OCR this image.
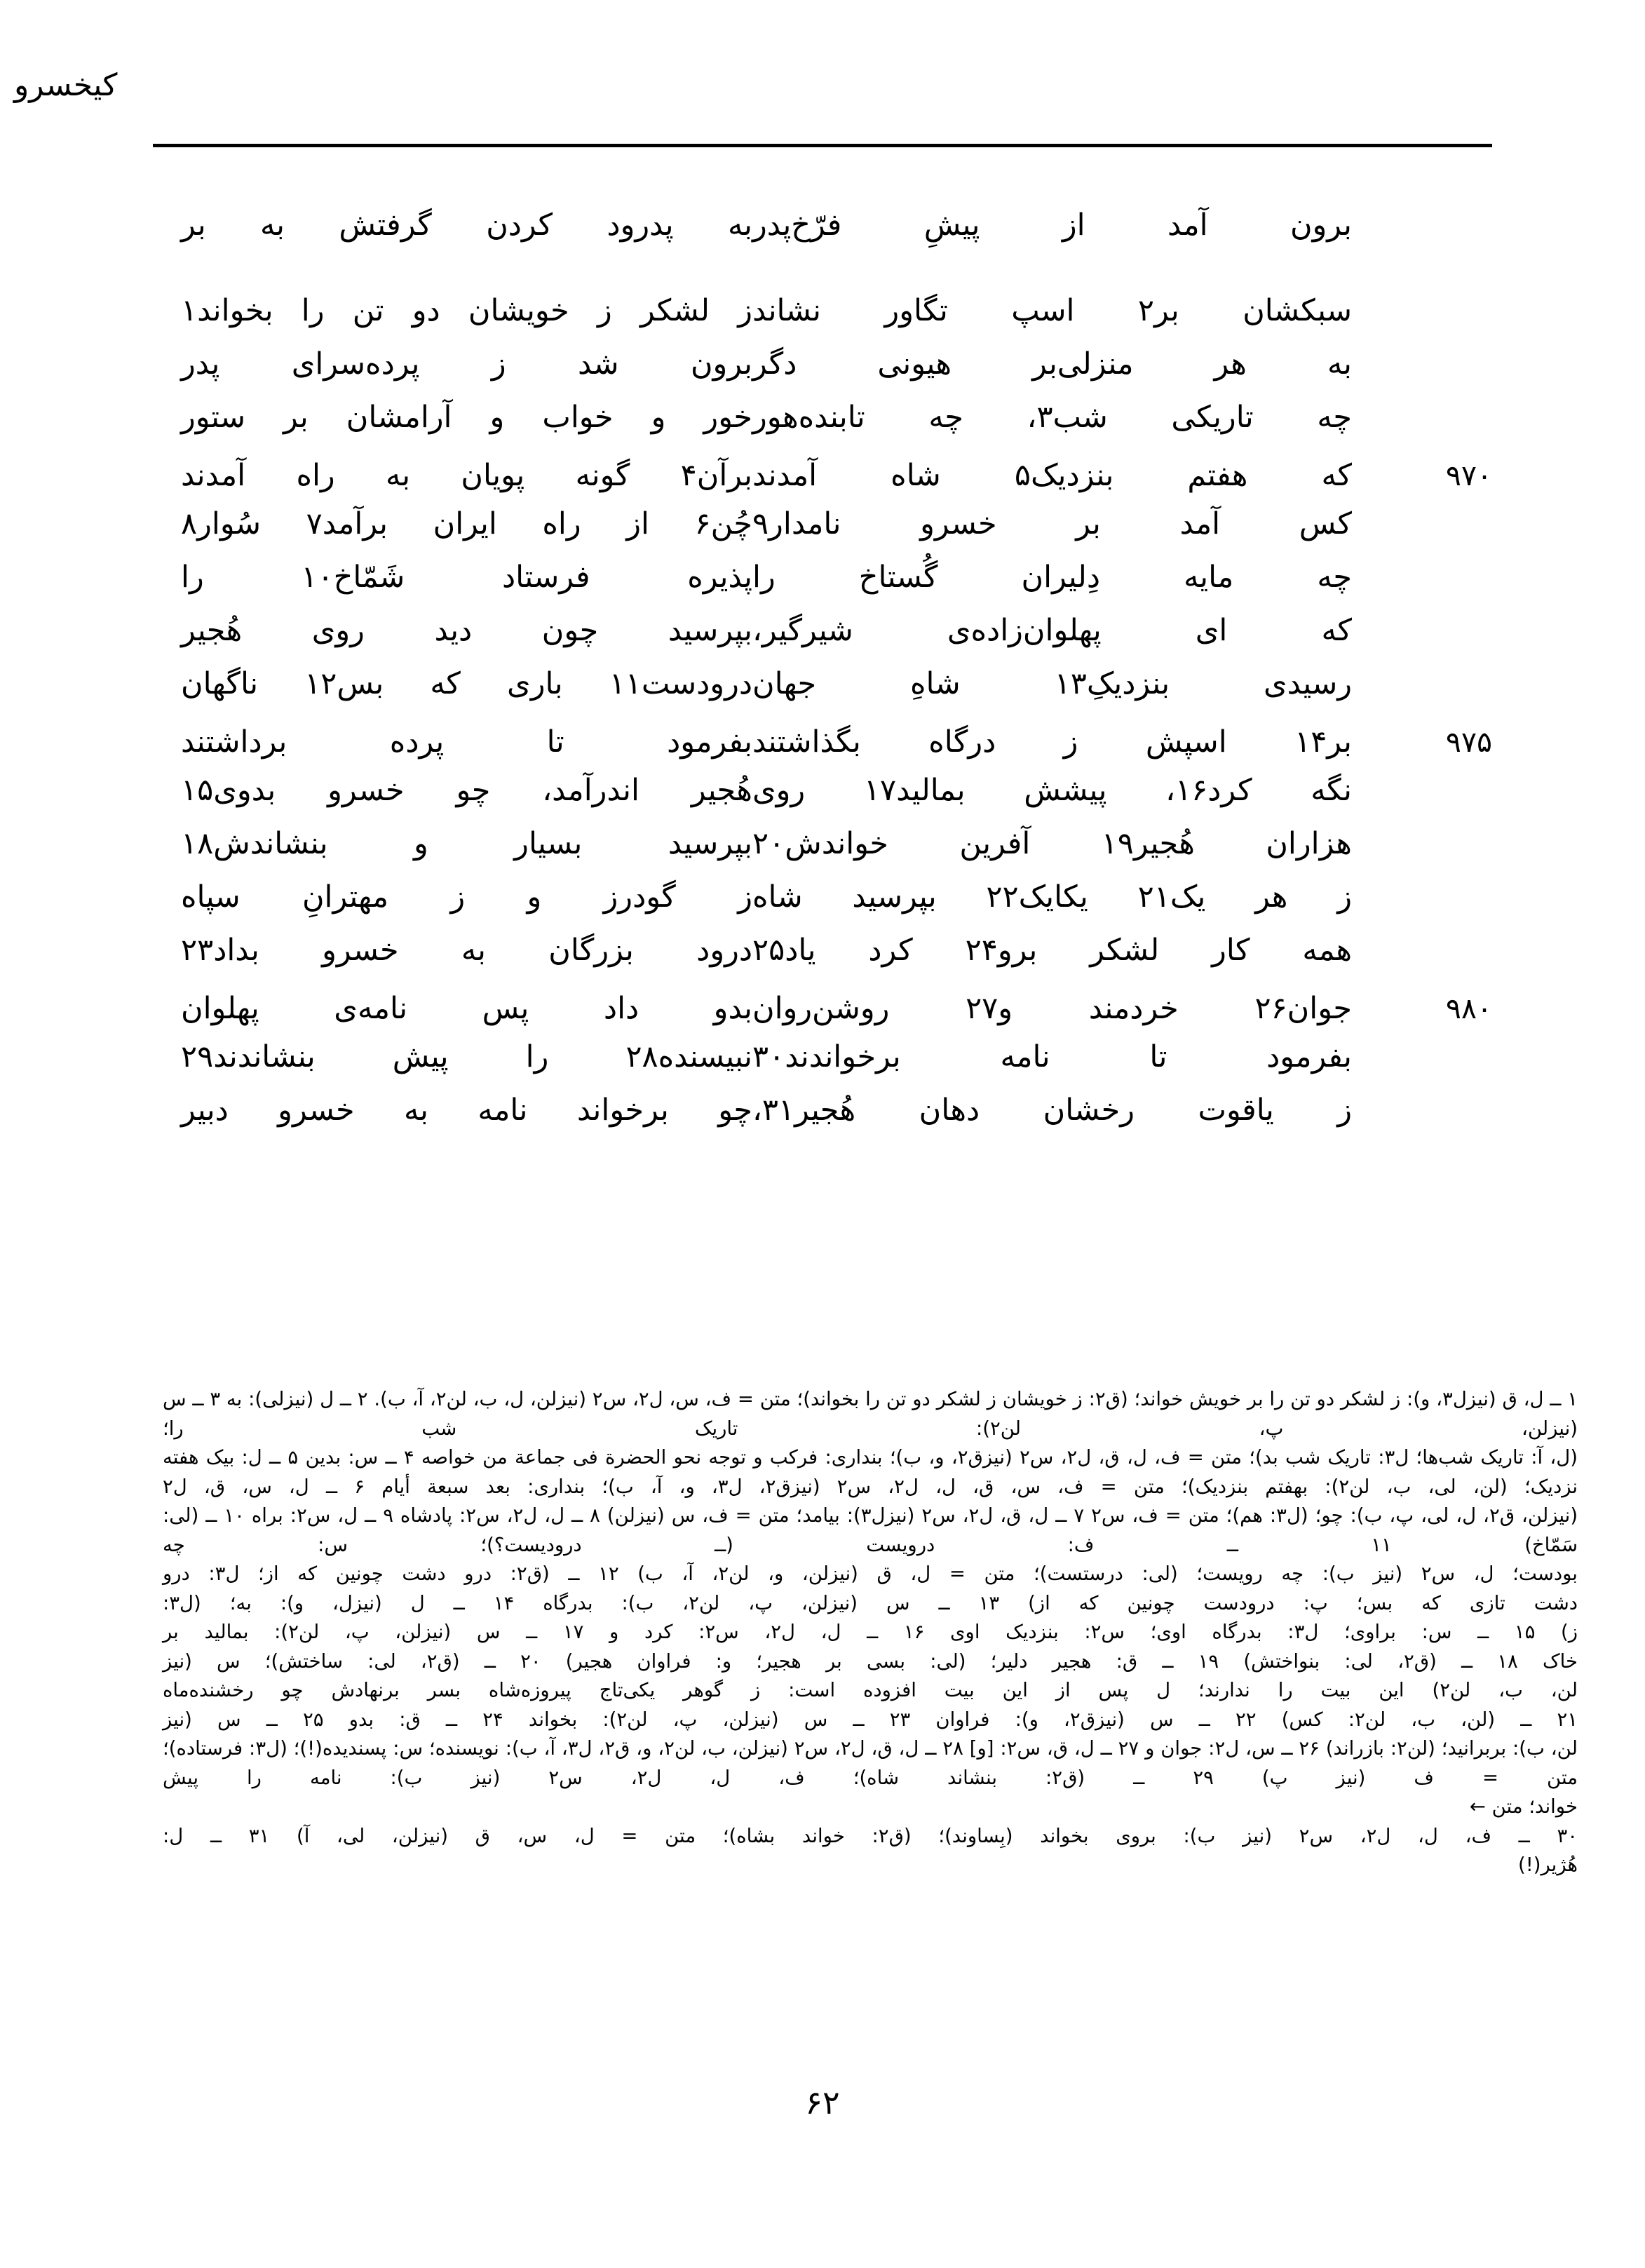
کیخسرو
برون آمد از پیشِ فرّخ‌پدر
به پدرود کردن گرفتش به بر
سبکشان بر٢ اسپ تگاور نشاند
ز لشکر ز خویشان دو تن را بخواند١
به هر منزلی‌بر هیونی دگر
برون شد ز پرده‌سرای پدر
چه تاریکی شب٣، چه تابنده‌هور
خور و خواب و آرامشان بر ستور
۹۷۰
که هفتم بنزدیک۵ شاه آمدند
برآن۴ گونه پویان به راه آمدند
کس آمد بر خسرو نامدار٩
چُن۶ از راه ایران برآمد٧ سُوار٨
چه مایه دِلیران گُستاخ را
پذیره فرستاد شَمّاخ١٠ را
که ای پهلوان‌زاده‌ی شیرگیر،
بپرسید چون دید روی هُجیر
رسیدی بنزدیکِ١٣ شاهِ جهان
درودست١١ باری که بس١٢ ناگهان
۹۷۵
بر١۴ اسپش ز درگاه بگذاشتند
بفرمود تا پرده برداشتند
نگه کرد١۶، پیشش بمالید١٧ روی
هُجیر اندرآمد، چو خسرو بدوی١۵
هزاران هُجیر١٩ آفرین خواندش٢٠
بپرسید بسیار و بنشاندش١٨
ز هر یک٢١ یکایک٢٢ بپرسید شاه
ز گودرز و ز مهترانِ سپاه
همه کار لشکر برو٢۴ کرد یاد٢۵
درود بزرگان به خسرو بداد٢٣
۹۸۰
جوان٢۶ خردمند و٢٧ روشن‌روان
بدو داد پس نامه‌ی پهلوان
بفرمود تا نامه برخواندند٣٠
نبیسنده٢٨ را پیش بنشاندند٢٩
ز یاقوت رخشان دهان هُجیر٣١،
چو برخواند نامه به خسرو دبیر

١ ــ ل، ق (نیزل٣، و): ز لشکر دو تن را بر خویش خواند؛ (ق٢: ز خویشان ز لشکر دو تن را بخواند)؛ متن = ف، س، ل٢، س٢ (نیزلن، ل، ب، لن٢، آ، ب). ٢ ــ ل (نیزلی): به ٣ ــ س (نیزلن، پ، لن٢): تاریک شب را؛

(ل، آ: تاریک شب‌ها؛ ل٣: تاریک شب بد)؛ متن = ف، ل، ق، ل٢، س٢ (نیزق٢، و، ب)؛ بنداری: فرکب و توجه نحو الحضرة فی جماعة من خواصه ۴ ــ س: بدین ۵ ــ ل: بیک هفته

نزدیک؛ (لن، لی، ب، لن٢): بهفتم بنزدیک)؛ متن = ف، س، ق، ل، ل٢، س٢ (نیزق٢، ل٣، و، آ، ب)؛ بنداری: بعد سبعة أیام ۶ ــ ل، س، ق، ل٢

(نیزلن، ق٢، ل، لی، پ، ب): چو؛ (ل٣: هم)؛ متن = ف، س٢ ٧ ــ ل، ق، ل٢، س٢ (نیزل٣): بیامد؛ متن = ف، س (نیزلن) ٨ ــ ل، ل٢، س٢: پادشاه ٩ ــ ل، س٢: براه ١٠ ــ (لی: سَمّاخ) ١١ ــ ف: درویست (ــ درودیست؟)؛ س: چه

بودست؛ ل، س٢ (نیز ب): چه رویست؛ (لی: درستست)؛ متن = ل، ق (نیزلن، و، لن٢، آ، ب) ١٢ ــ (ق٢: درو دشت چونین که از؛ ل٣: درو

دشت تازی که بس؛ پ: درودست چونین که از) ١٣ ــ س (نیزلن، پ، لن٢، ب): بدرگاه ١۴ ــ ل (نیزل، و): به؛ (ل٣:

ز) ١۵ ــ س: براوی؛ ل٣: بدرگاه اوی؛ س٢: بنزدیک اوی ١۶ ــ ل، ل٢، س٢: کرد و ١٧ ــ س (نیزلن، پ، لن٢): بمالید بر

خاک ١٨ ــ (ق٢، لی: بنواختش) ١٩ ــ ق: هجیر دلیر؛ (لی: بسی بر هجیر؛ و: فراوان هجیر) ٢٠ ــ (ق٢، لی: ساختش)؛ س (نیز

لن، ب، لن٢) این بیت را ندارند؛ ل پس از این بیت افزوده است: ز گوهر یکی‌تاج پیروزه‌شاه بسر برنهادش چو رخشنده‌ماه

٢١ ــ (لن، ب، لن٢: کس) ٢٢ ــ س (نیزق٢، و): فراوان ٢٣ ــ س (نیزلن، پ، لن٢): بخواند ٢۴ ــ ق: بدو ٢۵ ــ س (نیز

لن، ب): بربرانید؛ (لن٢: بازراند) ٢۶ ــ س، ل٢: جوان و ٢٧ ــ ل، ق، س٢: [و] ٢٨ ــ ل، ق، ل٢، س٢ (نیزلن، ب، لن٢، و، ق٢، ل٣، آ، ب): نویسنده؛ س: پسندیده(!)؛ (ل٣: فرستاده)؛ متن = ف (نیز پ) ٢٩ ــ (ق٢: بنشاند شاه)؛ ف، ل، ل٢، س٢ (نیز ب): نامه را پیش

خواند؛ متن ←

٣٠ ــ ف، ل، ل٢، س٢ (نیز ب): بروی بخواند (بِساوند)؛ (ق٢: خواند بشاه)؛ متن = ل، س، ق (نیزلن، لی، آ) ٣١ ــ ل:

هُژیر(!)

۶۲
